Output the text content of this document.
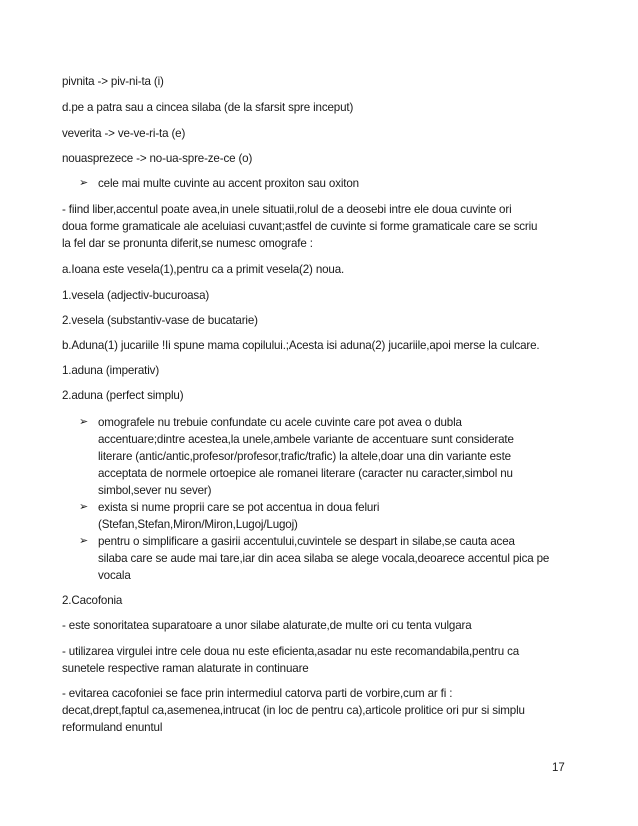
pivnita -> piv-ni-ta (i)
d.pe a patra sau a cincea silaba (de la sfarsit spre inceput)
veverita -> ve-ve-ri-ta (e)
nouasprezece -> no-ua-spre-ze-ce (o)
➢ cele mai multe cuvinte au accent proxiton sau oxiton
- fiind liber,accentul poate avea,in unele situatii,rolul de a deosebi intre ele doua cuvinte ori
doua forme gramaticale ale aceluiasi cuvant;astfel de cuvinte si forme gramaticale care se scriu
la fel dar se pronunta diferit,se numesc omografe :
a.Ioana este vesela(1),pentru ca a primit vesela(2) noua.
1.vesela (adjectiv-bucuroasa)
2.vesela (substantiv-vase de bucatarie)
b.Aduna(1) jucariile !Ii spune mama copilului.;Acesta isi aduna(2) jucariile,apoi merse la culcare.
1.aduna (imperativ)
2.aduna (perfect simplu)
➢ omografele nu trebuie confundate cu acele cuvinte care pot avea o dubla
accentuare;dintre acestea,la unele,ambele variante de accentuare sunt considerate
literare (antic/antic,profesor/profesor,trafic/trafic) la altele,doar una din variante este
acceptata de normele ortoepice ale romanei literare (caracter nu caracter,simbol nu
simbol,sever nu sever)
➢ exista si nume proprii care se pot accentua in doua feluri
(Stefan,Stefan,Miron/Miron,Lugoj/Lugoj)
➢ pentru o simplificare a gasirii accentului,cuvintele se despart in silabe,se cauta acea
silaba care se aude mai tare,iar din acea silaba se alege vocala,deoarece accentul pica pe
vocala
2.Cacofonia
- este sonoritatea suparatoare a unor silabe alaturate,de multe ori cu tenta vulgara
- utilizarea virgulei intre cele doua nu este eficienta,asadar nu este recomandabila,pentru ca
sunetele respective raman alaturate in continuare
- evitarea cacofoniei se face prin intermediul catorva parti de vorbire,cum ar fi :
decat,drept,faptul ca,asemenea,intrucat (in loc de pentru ca),articole prolitice ori pur si simplu
reformuland enuntul
17
